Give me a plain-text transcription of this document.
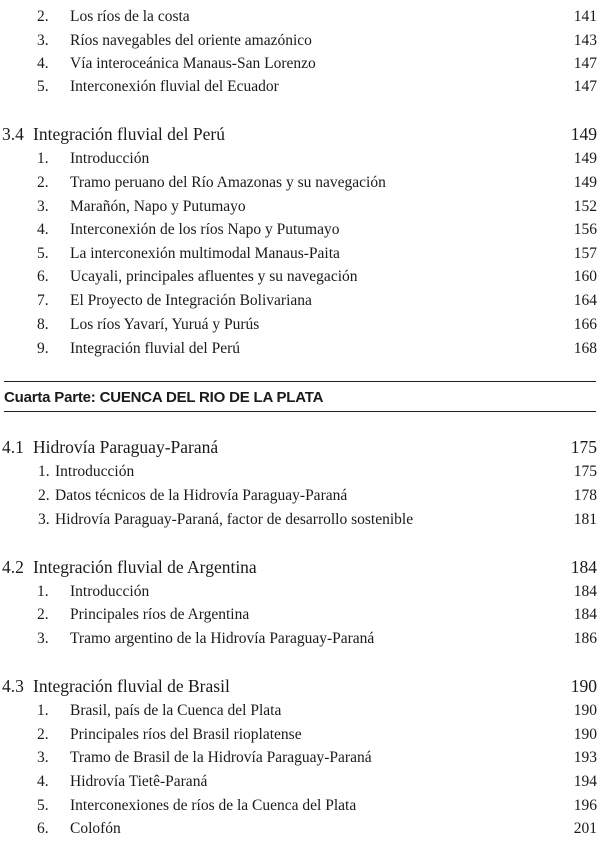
2. Los ríos de la costa	141
3. Ríos navegables del oriente amazónico	143
4. Vía interoceánica Manaus-San Lorenzo	147
5. Interconexión fluvial del Ecuador	147
3.4 Integración fluvial del Perú	149
1. Introducción	149
2. Tramo peruano del Río Amazonas y su navegación	149
3. Marañón, Napo y Putumayo	152
4. Interconexión de los ríos Napo y Putumayo	156
5. La interconexión multimodal Manaus-Paita	157
6. Ucayali, principales afluentes y su navegación	160
7. El Proyecto de Integración Bolivariana	164
8. Los ríos Yavarí, Yuruá y Purús	166
9. Integración fluvial del Perú	168
Cuarta Parte: CUENCA DEL RIO DE LA PLATA
4.1 Hidrovía Paraguay-Paraná	175
1. Introducción	175
2. Datos técnicos de la Hidrovía Paraguay-Paraná	178
3. Hidrovía Paraguay-Paraná, factor de desarrollo sostenible	181
4.2 Integración fluvial de Argentina	184
1. Introducción	184
2. Principales ríos de Argentina	184
3. Tramo argentino de la Hidrovía Paraguay-Paraná	186
4.3 Integración fluvial de Brasil	190
1. Brasil, país de la Cuenca del Plata	190
2. Principales ríos del Brasil rioplatense	190
3. Tramo de Brasil de la Hidrovía Paraguay-Paraná	193
4. Hidrovía Tietê-Paraná	194
5. Interconexiones de ríos de la Cuenca del Plata	196
6. Colofón	201
